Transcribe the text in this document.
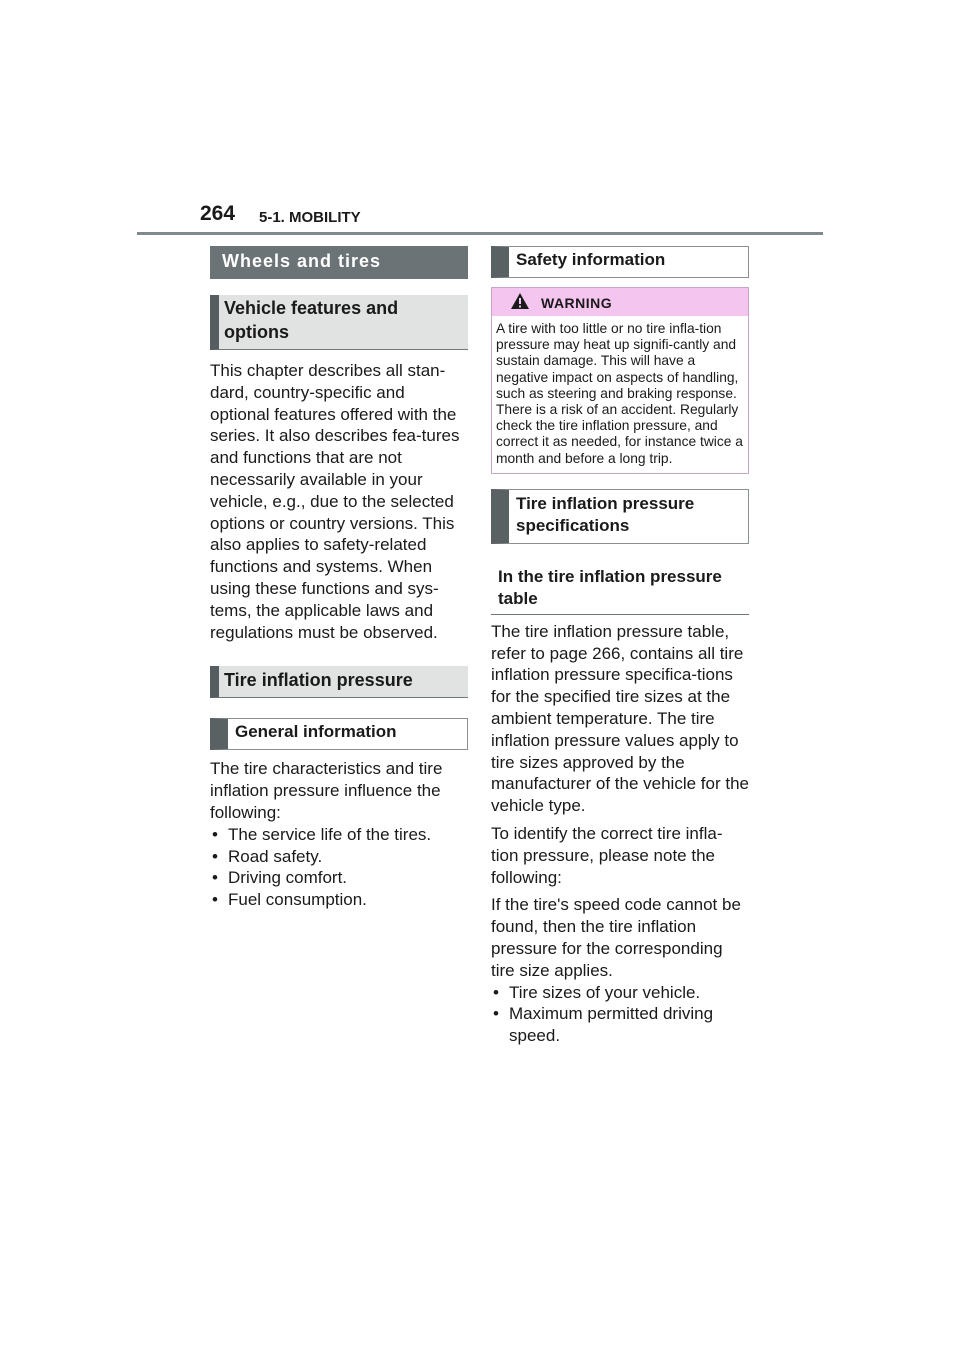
264 5-1. MOBILITY
Wheels and tires
Vehicle features and options

This chapter describes all stan-dard, country-specific and optional features offered with the series. It also describes fea-tures and functions that are not necessarily available in your vehicle, e.g., due to the selected options or country versions. This also applies to safety-related functions and systems. When using these functions and sys-tems, the applicable laws and regulations must be observed.

Tire inflation pressure
General information

The tire characteristics and tire inflation pressure influence the following:

• The service life of the tires.
• Road safety.
• Driving comfort.
• Fuel consumption.
Safety information
WARNING
A tire with too little or no tire infla-tion pressure may heat up signifi-cantly and sustain damage. This will have a negative impact on aspects of handling, such as steering and braking response. There is a risk of an accident. Regularly check the tire inflation pressure, and correct it as needed, for instance twice a month and before a long trip.
Tire inflation pressure specifications
In the tire inflation pressure table

The tire inflation pressure table, refer to page 266, contains all tire inflation pressure specifica-tions for the specified tire sizes at the ambient temperature. The tire inflation pressure values apply to tire sizes approved by the manufacturer of the vehicle for the vehicle type.

To identify the correct tire infla-tion pressure, please note the following:

If the tire's speed code cannot be found, then the tire inflation pressure for the corresponding tire size applies.

• Tire sizes of your vehicle.
• Maximum permitted driving speed.
